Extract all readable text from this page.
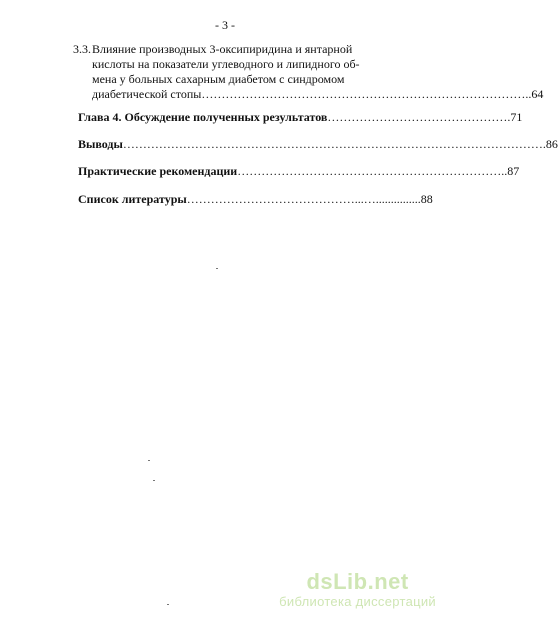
- 3 -
3.3. Влияние производных 3-оксипиридина и янтарной
кислоты на показатели углеводного и липидного об-
мена у больных сахарным диабетом с синдромом
диабетической стопы ……………………………………………………………………… ..64
Глава 4. Обсуждение полученных результатов ……………………………………… .71
Выводы …………………………………………………………………………………………… .86
Практические рекомендации ………………………………………………………… ..87
Список литературы ……………………………………...…............... 88
dsLib.net
библиотека диссертаций
